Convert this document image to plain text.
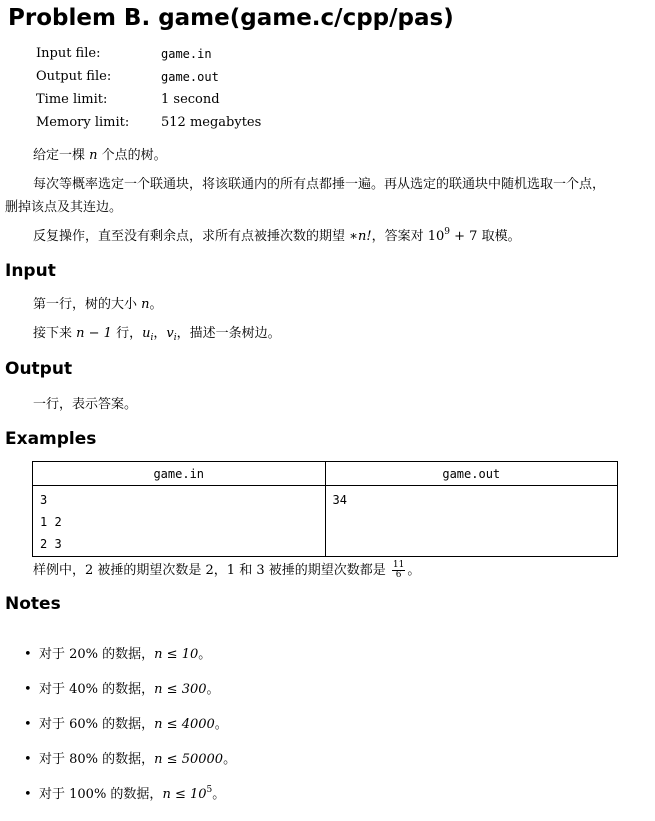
Problem B. game(game.c/cpp/pas)
Input file:	game.in
Output file:	game.out
Time limit:	1 second
Memory limit:	512 megabytes
给定一棵 n 个点的树。
每次等概率选定一个联通块，将该联通内的所有点都捶一遍。再从选定的联通块中随机选取一个点，
删掉该点及其连边。
反复操作，直至没有剩余点，求所有点被捶次数的期望 ∗n!，答案对 $10^9 + 7$ 取模。
Input
第一行，树的大小 n。
接下来 n − 1 行，$u_i$，$v_i$，描述一条树边。
Output
一行，表示答案。
Examples
game.in	game.out

3
1 2
2 3	34
样例中，2 被捶的期望次数是 2，1 和 3 被捶的期望次数都是 $\frac{11}{6}$ 。
Notes
• 对于 20% 的数据，n ≤ 10。
• 对于 40% 的数据，n ≤ 300。
• 对于 60% 的数据，n ≤ 4000。
• 对于 80% 的数据，n ≤ 50000。
• 对于 100% 的数据，$n \le 10^5$。
